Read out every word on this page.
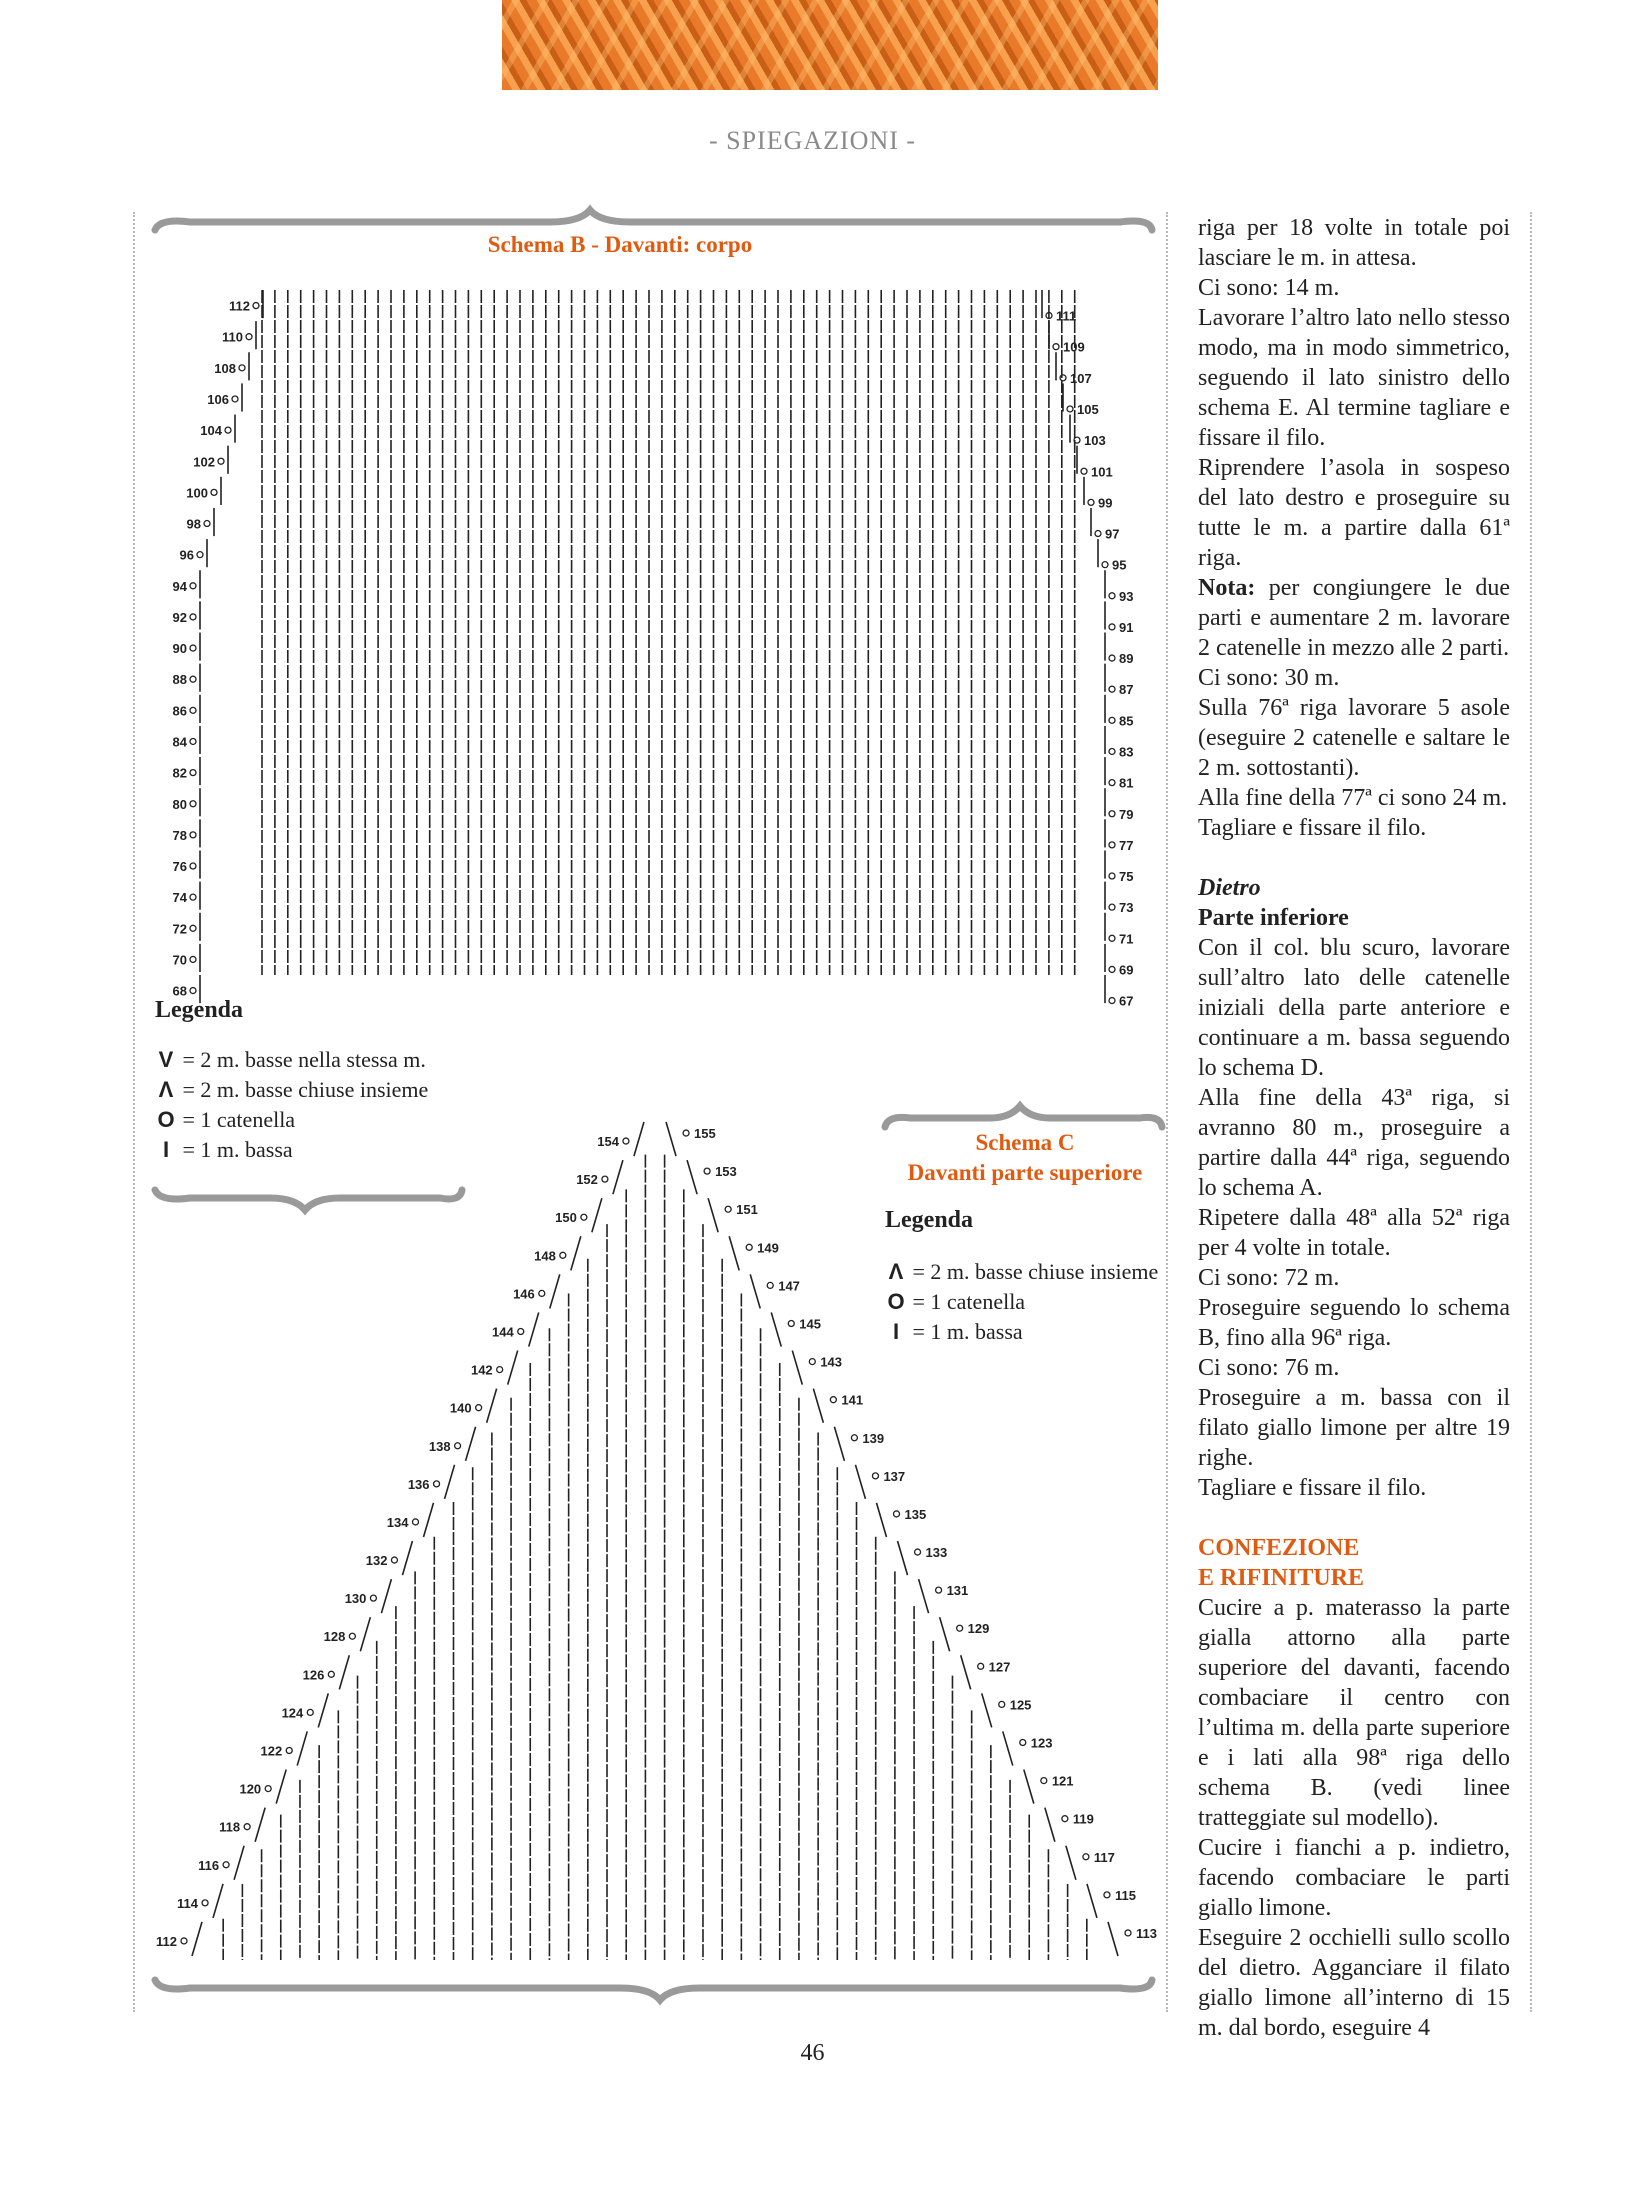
- SPIEGAZIONI -
Schema B - Davanti: corpo
112
111
110
109
108
107
106
105
104
103
102
101
100
99
98
97
96
95
94
93
92
91
90
89
88
87
86
85
84
83
82
81
80
79
78
77
76
75
74
73
72
71
70
69
68
67
154
155
152
153
150
151
148
149
146
147
144
145
142
143
140
141
138
139
136
137
134
135
132
133
130
131
128
129
126
127
124
125
122
123
120
121
118
119
116
117
114
115
112
113
Legenda
V = 2 m. basse nella stessa m.
Λ = 2 m. basse chiuse insieme
O = 1 catenella
I = 1 m. bassa	Schema C
Davanti parte superiore
Legenda
Λ = 2 m. basse chiuse insieme
O = 1 catenella
I = 1 m. bassa

riga per 18 volte in totale poi lasciare le m. in attesa.

Ci sono: 14 m.

Lavorare l’altro lato nello stesso modo, ma in modo simmetrico, seguendo il lato sinistro dello schema E. Al termine tagliare e fissare il filo.

Riprendere l’asola in sospeso del lato destro e proseguire su tutte le m. a partire dalla 61ª riga.

Nota: per congiungere le due parti e aumentare 2 m. lavorare 2 catenelle in mezzo alle 2 parti.

Ci sono: 30 m.

Sulla 76ª riga lavorare 5 asole (eseguire 2 catenelle e saltare le 2 m. sottostanti).

Alla fine della 77ª ci sono 24 m.

Tagliare e fissare il filo.

Dietro

Parte inferiore

Con il col. blu scuro, lavorare sull’altro lato delle catenelle iniziali della parte anteriore e continuare a m. bassa seguendo lo schema D.

Alla fine della 43ª riga, si avranno 80 m., proseguire a partire dalla 44ª riga, seguendo lo schema A.

Ripetere dalla 48ª alla 52ª riga per 4 volte in totale.

Ci sono: 72 m.

Proseguire seguendo lo schema B, fino alla 96ª riga.

Ci sono: 76 m.

Proseguire a m. bassa con il filato giallo limone per altre 19 righe.

Tagliare e fissare il filo.

CONFEZIONE

E RIFINITURE

Cucire a p. materasso la parte gialla attorno alla parte superiore del davanti, facendo combaciare il centro con l’ultima m. della parte superiore e i lati alla 98ª riga dello schema B. (vedi linee tratteggiate sul modello).

Cucire i fianchi a p. indietro, facendo combaciare le parti giallo limone.

Eseguire 2 occhielli sullo scollo del dietro. Agganciare il filato giallo limone all’interno di 15 m. dal bordo, eseguire 4

46
